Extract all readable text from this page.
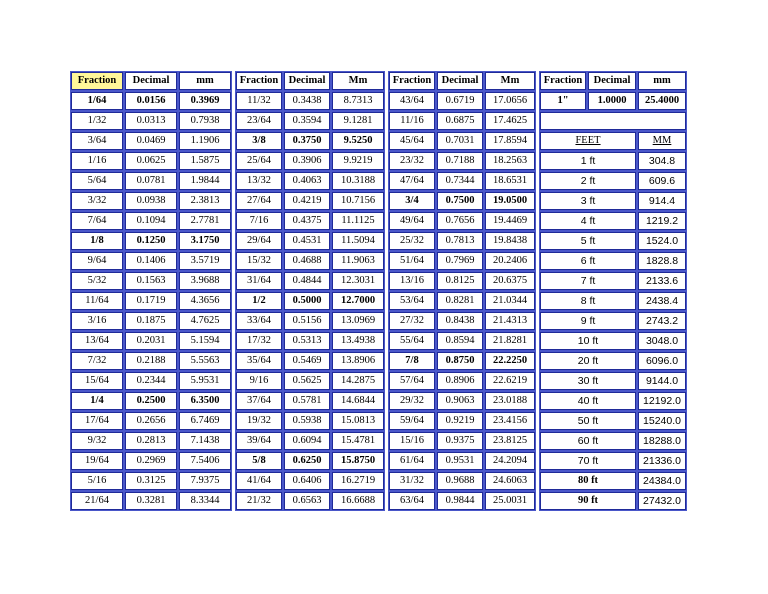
Fraction	Decimal	mm		Fraction	Decimal	Mm		Fraction	Decimal	Mm		Fraction	Decimal	mm
1/64	0.0156	0.3969		11/32	0.3438	8.7313		43/64	0.6719	17.0656		1"	1.0000	25.4000
1/32	0.0313	0.7938		23/64	0.3594	9.1281		11/16	0.6875	17.4625				
3/64	0.0469	1.1906		3/8	0.3750	9.5250		45/64	0.7031	17.8594		FEET		MM
1/16	0.0625	1.5875		25/64	0.3906	9.9219		23/32	0.7188	18.2563		1 ft		304.8
5/64	0.0781	1.9844		13/32	0.4063	10.3188		47/64	0.7344	18.6531		2 ft		609.6
3/32	0.0938	2.3813		27/64	0.4219	10.7156		3/4	0.7500	19.0500		3 ft		914.4
7/64	0.1094	2.7781		7/16	0.4375	11.1125		49/64	0.7656	19.4469		4 ft		1219.2
1/8	0.1250	3.1750		29/64	0.4531	11.5094		25/32	0.7813	19.8438		5 ft		1524.0
9/64	0.1406	3.5719		15/32	0.4688	11.9063		51/64	0.7969	20.2406		6 ft		1828.8
5/32	0.1563	3.9688		31/64	0.4844	12.3031		13/16	0.8125	20.6375		7 ft		2133.6
11/64	0.1719	4.3656		1/2	0.5000	12.7000		53/64	0.8281	21.0344		8 ft		2438.4
3/16	0.1875	4.7625		33/64	0.5156	13.0969		27/32	0.8438	21.4313		9 ft		2743.2
13/64	0.2031	5.1594		17/32	0.5313	13.4938		55/64	0.8594	21.8281		10 ft		3048.0
7/32	0.2188	5.5563		35/64	0.5469	13.8906		7/8	0.8750	22.2250		20 ft		6096.0
15/64	0.2344	5.9531		9/16	0.5625	14.2875		57/64	0.8906	22.6219		30 ft		9144.0
1/4	0.2500	6.3500		37/64	0.5781	14.6844		29/32	0.9063	23.0188		40 ft		12192.0
17/64	0.2656	6.7469		19/32	0.5938	15.0813		59/64	0.9219	23.4156		50 ft		15240.0
9/32	0.2813	7.1438		39/64	0.6094	15.4781		15/16	0.9375	23.8125		60 ft		18288.0
19/64	0.2969	7.5406		5/8	0.6250	15.8750		61/64	0.9531	24.2094		70 ft		21336.0
5/16	0.3125	7.9375		41/64	0.6406	16.2719		31/32	0.9688	24.6063		80 ft		24384.0
21/64	0.3281	8.3344		21/32	0.6563	16.6688		63/64	0.9844	25.0031		90 ft		27432.0
